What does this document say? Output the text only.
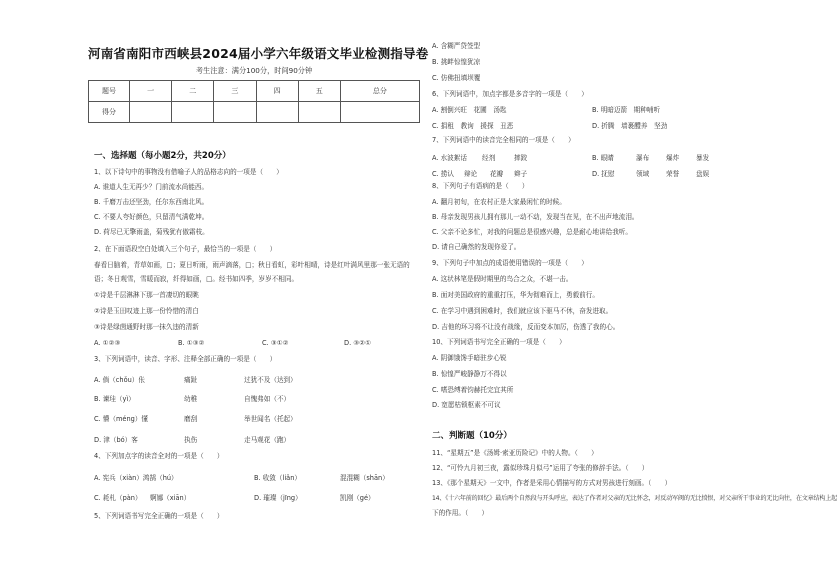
河南省南阳市西峡县2024届小学六年级语文毕业检测指导卷
考生注意：满分100分，时间90分钟
题号	一	二	三	四	五	总分
得分						
一、选择题（每小题2分，共20分）
1、以下诗句中的事物没有借喻子人的品格志向的一项是（　　）
A. 谁道人生无再少？门前流水尚能西。
B. 千磨万击还坚劲，任尔东西南北风。
C. 不要人夸好颜色，只留清气满乾坤。
D. 荷尽已无擎雨盖，菊残犹有傲霜枝。
2、在下面语段空白处填入三个句子，最恰当的一项是（　　）
春看日脑着，青草如画，□；夏日听雨，雨声滴落，□；秋日看虹，彩叶相晴，诗是红叶满风里那一张无语的
语；冬日观雪，雪暖而寂，纤得如画，□。经书如四季，岁岁不相同。
①诗是千层淋淋下那一首凄切的眼眺
②诗是玉田叹迹上那一份怜惜的清白
③诗是绿茵通野时那一抹久违的清新
A. ①②③	B. ①③②	C. ③①②	D. ③②①
3、下列词语中，读音、字形、注释全部正确的一项是（　　）
A. 倘（chǒu）伥	痛趾	过犹不及（达到）
B. 谏珪（yì）	幼稚	自愧弗如（不）
C. 懵（méng）懂	磨刮	举世闻名（托起）
D. 津（bó）客	执伤	走马观花（跑）
4、下列加点字的读音全对的一项是（　　）
A. 宪兵（xiàn）鸿鹄（hú）	B. 收敛（liǎn）	混混糊（shān）
C. 耗札（pàn） 婀娜（xiān）	D. 璀璨（jīng）	凯刚（gé）
5、下列词语书写完全正确的一项是（　　）
A. 含糊严贷签型
B. 挑衅惊惶犹凉
C. 仿佛扭填坝覆
6、下列词语中，加点字都是多音字的一项是（　　）
A. 割倒兴旺　花圃　汤匙	B. 明暗迈箭　期种哺听
C. 捐租　教询　援探　丑恶	D. 折腾　墙裹醴养　坚劲
7、下列词语中的读音完全相同的一项是（　　）
A. 水波絮话 经剂	摔跤	B. 眼睛	瀑布	爆炸	暴发
C. 捞认 辩论 花瓣 辫子	D. 抚慰	领域	荣誉	盘娱
8、下列句子有语病的是（　　）
A. 翻月初旬，在农村正是大家最闲忙的时候。
B. 母亲发现男孩儿拥有那儿一动不动，发现当在见，在不出声地流泪。
C. 父亲不论多忙，对我的问题总是很感兴趣，总是耐心地讲给我听。
D. 请自己确然的发现你爱了。
9、下列句子中加点的成语使用错误的一项是（　　）
A. 这状林笔是假时期里的鸟合之众，不堪一击。
B. 面对美国政府的重重打压，华为彻难而上，勇毅前行。
C. 在学习中遇到困难时，我们就应该下驱马不休，奋发进取。
D. 吉他的环习将不让没有战缘，反而变本加厉，伤透了我的心。
10、下列词语书写完全正确的一项是（　　）
A. 阴御饿馋手暗驻步心锐
B. 惊惶严峻静静万不得以
C. 嗜恐缚着钧赫托完宜其所
D. 宽愿枯锁枢素不可议
二、判断题（10分）
11、“星期五”是《汤姆·索亚历险记》中的人物。（　　）
12、“可怜九月初三夜，露似珍珠月似弓”运用了夸张的修辞手法。（　　）
13、《那个星期天》一文中，作者是采用心情描写的方式对男孩进行刻画。（　　）
14、《十六年前的回忆》最后两个自然段与开头呼应，表达了作者对父亲的无比怀念，对反动军阀的无比愤恨，对父亲所干事业的无比向往，在文章结构上起
下的作用。（　　）
